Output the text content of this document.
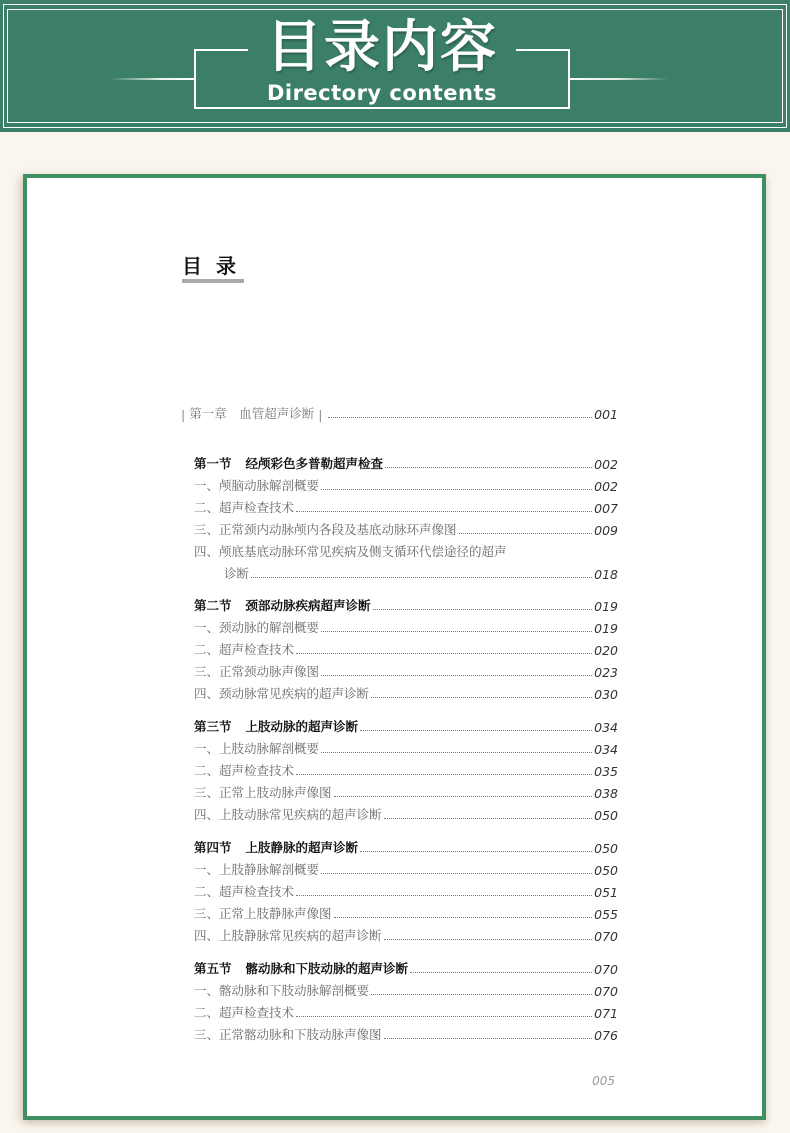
目录内容
Directory contents
目录
| 第一章　血管超声诊断 |	001
第一节 经颅彩色多普勒超声检查	002
一、颅脑动脉解剖概要	002
二、超声检查技术	007
三、正常颈内动脉颅内各段及基底动脉环声像图	009
四、颅底基底动脉环常见疾病及侧支循环代偿途径的超声
诊断	018
第二节 颈部动脉疾病超声诊断	019
一、颈动脉的解剖概要	019
二、超声检查技术	020
三、正常颈动脉声像图	023
四、颈动脉常见疾病的超声诊断	030
第三节 上肢动脉的超声诊断	034
一、上肢动脉解剖概要	034
二、超声检查技术	035
三、正常上肢动脉声像图	038
四、上肢动脉常见疾病的超声诊断	050
第四节 上肢静脉的超声诊断	050
一、上肢静脉解剖概要	050
二、超声检查技术	051
三、正常上肢静脉声像图	055
四、上肢静脉常见疾病的超声诊断	070
第五节 髂动脉和下肢动脉的超声诊断	070
一、髂动脉和下肢动脉解剖概要	070
二、超声检查技术	071
三、正常髂动脉和下肢动脉声像图	076
005
